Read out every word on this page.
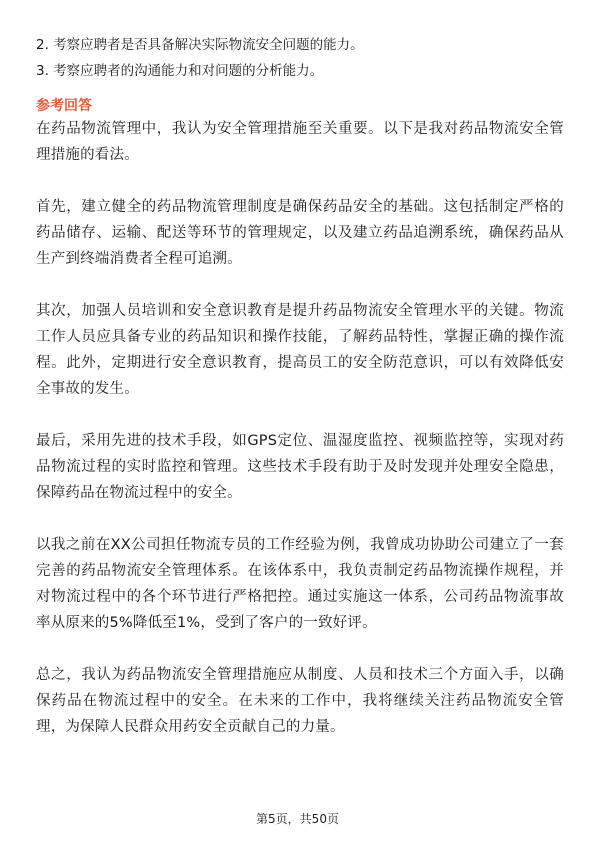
2. 考察应聘者是否具备解决实际物流安全问题的能力。
3. 考察应聘者的沟通能力和对问题的分析能力。
参考回答

在药品物流管理中，我认为安全管理措施至关重要。以下是我对药品物流安全管理措施的看法。

首先，建立健全的药品物流管理制度是确保药品安全的基础。这包括制定严格的药品储存、运输、配送等环节的管理规定，以及建立药品追溯系统，确保药品从生产到终端消费者全程可追溯。

其次，加强人员培训和安全意识教育是提升药品物流安全管理水平的关键。物流工作人员应具备专业的药品知识和操作技能，了解药品特性，掌握正确的操作流程。此外，定期进行安全意识教育，提高员工的安全防范意识，可以有效降低安全事故的发生。

最后，采用先进的技术手段，如GPS定位、温湿度监控、视频监控等，实现对药品物流过程的实时监控和管理。这些技术手段有助于及时发现并处理安全隐患，保障药品在物流过程中的安全。

以我之前在XX公司担任物流专员的工作经验为例，我曾成功协助公司建立了一套完善的药品物流安全管理体系。在该体系中，我负责制定药品物流操作规程，并对物流过程中的各个环节进行严格把控。通过实施这一体系，公司药品物流事故率从原来的5%降低至1%，受到了客户的一致好评。

总之，我认为药品物流安全管理措施应从制度、人员和技术三个方面入手，以确保药品在物流过程中的安全。在未来的工作中，我将继续关注药品物流安全管理，为保障人民群众用药安全贡献自己的力量。

第5页，共50页
